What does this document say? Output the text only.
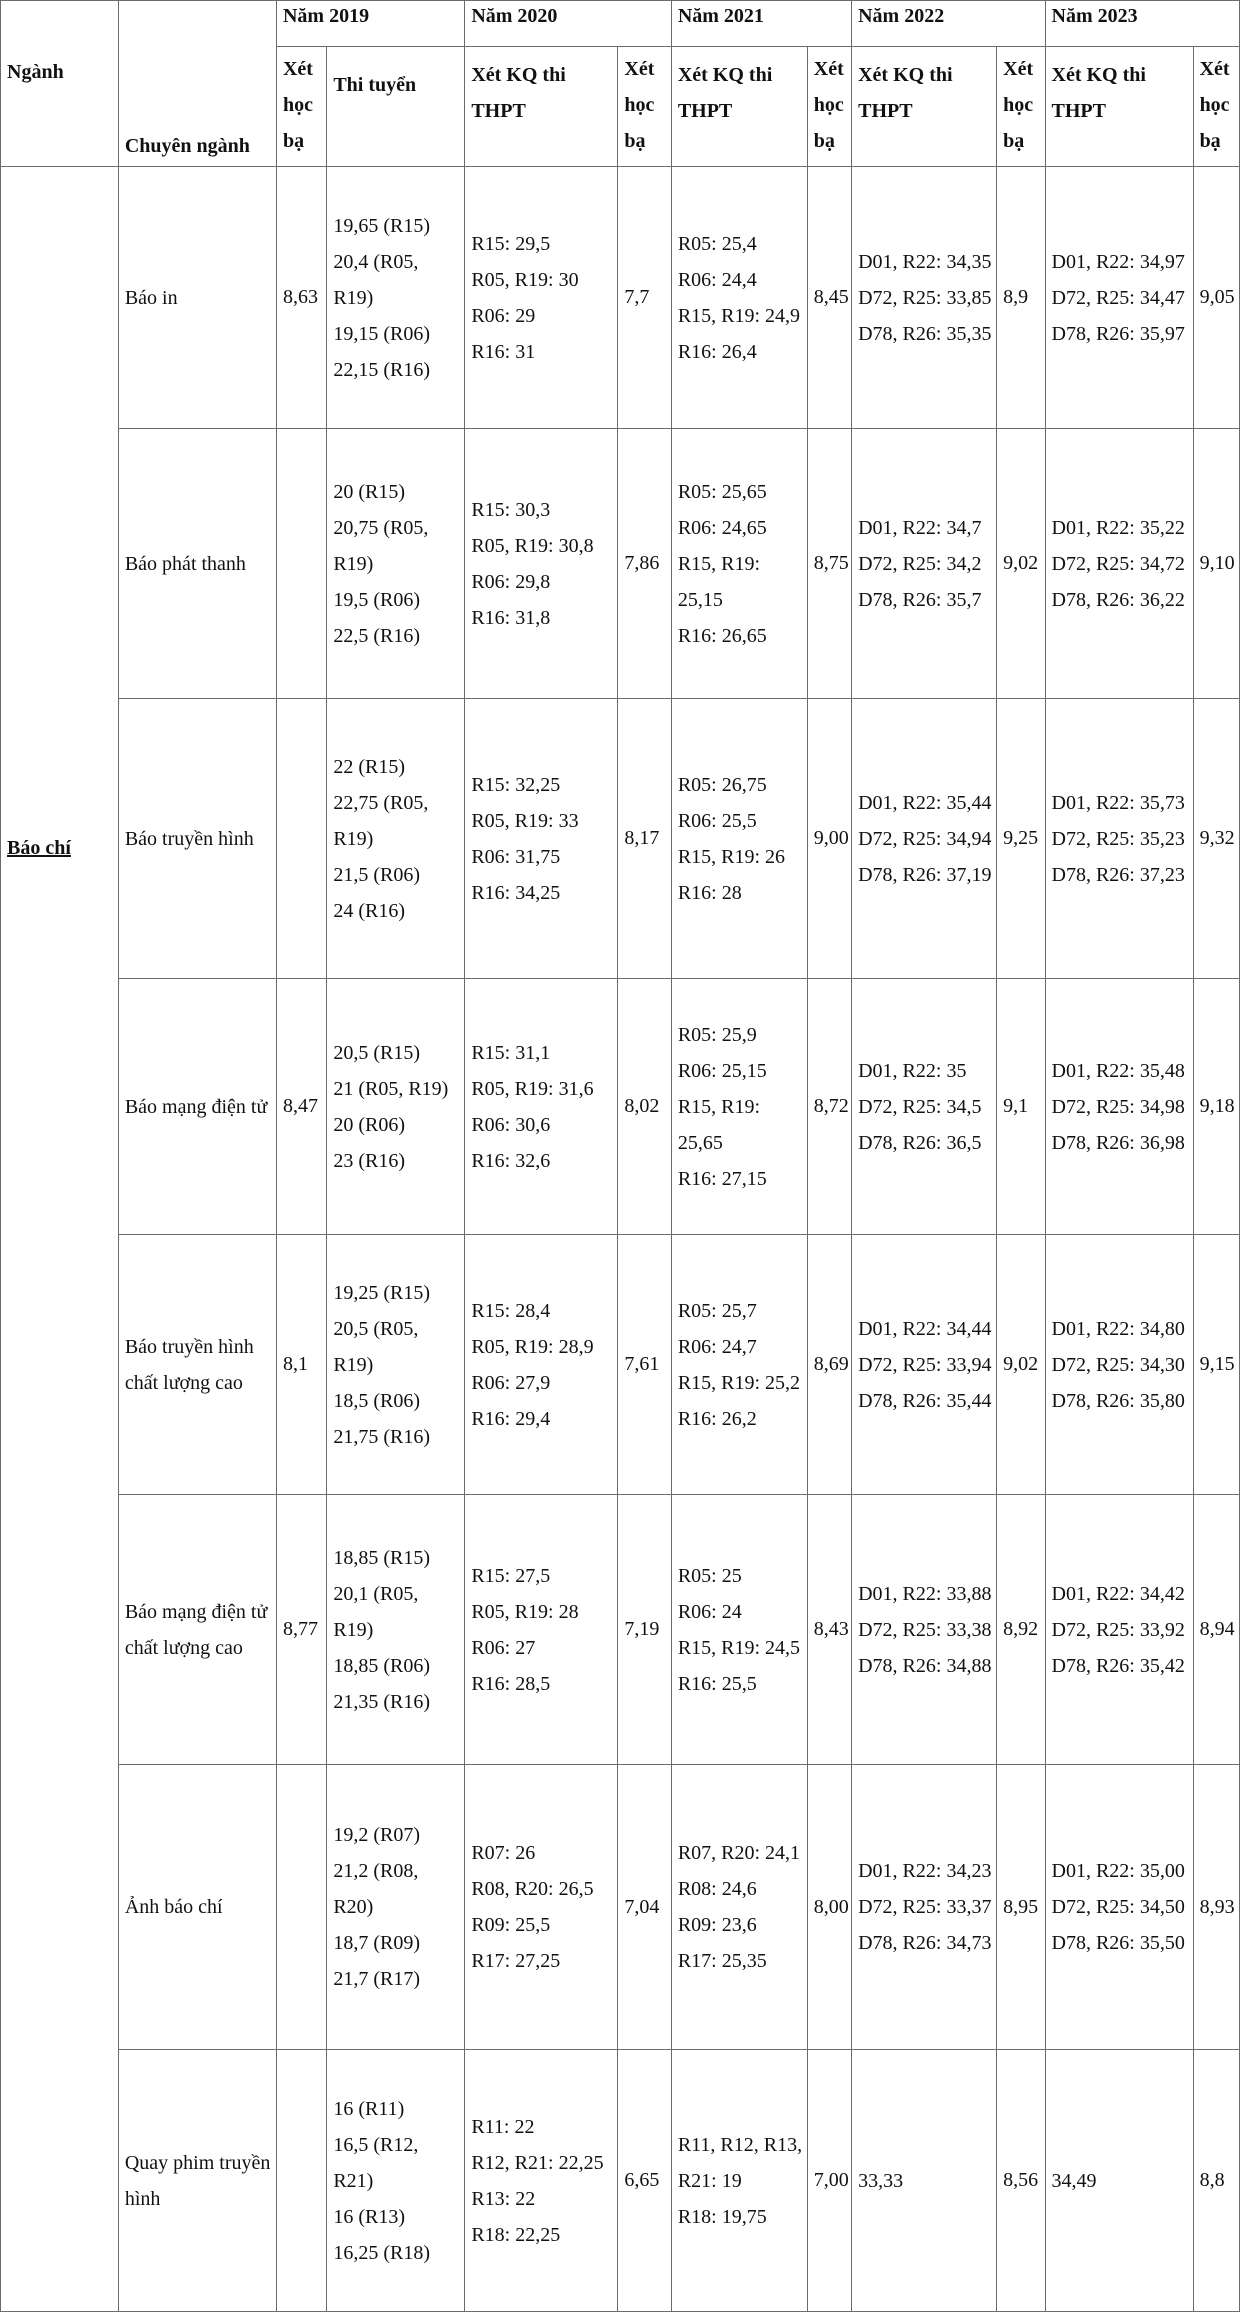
Ngành	Chuyên ngành	Năm 2019		Năm 2020		Năm 2021		Năm 2022		Năm 2023	
		Xét học bạ	Thi tuyển	Xét KQ thi THPT	Xét học bạ	Xét KQ thi THPT	Xét học bạ	Xét KQ thi THPT	Xét học bạ	Xét KQ thi THPT	Xét học bạ
Báo chí	Báo in	8,63	19,65 (R15)
20,4 (R05, R19)
19,15 (R06)
22,15 (R16)	R15: 29,5
R05, R19: 30
R06: 29
R16: 31	7,7	R05: 25,4
R06: 24,4
R15, R19: 24,9
R16: 26,4	8,45	D01, R22: 34,35
D72, R25: 33,85
D78, R26: 35,35	8,9	D01, R22: 34,97
D72, R25: 34,47
D78, R26: 35,97	9,05
	Báo phát thanh		20 (R15)
20,75 (R05, R19)
19,5 (R06)
22,5 (R16)	R15: 30,3
R05, R19: 30,8
R06: 29,8
R16: 31,8	7,86	R05: 25,65
R06: 24,65
R15, R19: 25,15
R16: 26,65	8,75	D01, R22: 34,7
D72, R25: 34,2
D78, R26: 35,7	9,02	D01, R22: 35,22
D72, R25: 34,72
D78, R26: 36,22	9,10
	Báo truyền hình		22 (R15)
22,75 (R05, R19)
21,5 (R06)
24 (R16)	R15: 32,25
R05, R19: 33
R06: 31,75
R16: 34,25	8,17	R05: 26,75
R06: 25,5
R15, R19: 26
R16: 28	9,00	D01, R22: 35,44
D72, R25: 34,94
D78, R26: 37,19	9,25	D01, R22: 35,73
D72, R25: 35,23
D78, R26: 37,23	9,32
	Báo mạng điện tử	8,47	20,5 (R15)
21 (R05, R19)
20 (R06)
23 (R16)	R15: 31,1
R05, R19: 31,6
R06: 30,6
R16: 32,6	8,02	R05: 25,9
R06: 25,15
R15, R19: 25,65
R16: 27,15	8,72	D01, R22: 35
D72, R25: 34,5
D78, R26: 36,5	9,1	D01, R22: 35,48
D72, R25: 34,98
D78, R26: 36,98	9,18
	Báo truyền hình chất lượng cao	8,1	19,25 (R15)
20,5 (R05, R19)
18,5 (R06)
21,75 (R16)	R15: 28,4
R05, R19: 28,9
R06: 27,9
R16: 29,4	7,61	R05: 25,7
R06: 24,7
R15, R19: 25,2
R16: 26,2	8,69	D01, R22: 34,44
D72, R25: 33,94
D78, R26: 35,44	9,02	D01, R22: 34,80
D72, R25: 34,30
D78, R26: 35,80	9,15
	Báo mạng điện tử chất lượng cao	8,77	18,85 (R15)
20,1 (R05, R19)
18,85 (R06)
21,35 (R16)	R15: 27,5
R05, R19: 28
R06: 27
R16: 28,5	7,19	R05: 25
R06: 24
R15, R19: 24,5
R16: 25,5	8,43	D01, R22: 33,88
D72, R25: 33,38
D78, R26: 34,88	8,92	D01, R22: 34,42
D72, R25: 33,92
D78, R26: 35,42	8,94
	Ảnh báo chí		19,2 (R07)
21,2 (R08, R20)
18,7 (R09)
21,7 (R17)	R07: 26
R08, R20: 26,5
R09: 25,5
R17: 27,25	7,04	R07, R20: 24,1
R08: 24,6
R09: 23,6
R17: 25,35	8,00	D01, R22: 34,23
D72, R25: 33,37
D78, R26: 34,73	8,95	D01, R22: 35,00
D72, R25: 34,50
D78, R26: 35,50	8,93
	Quay phim truyền hình		16 (R11)
16,5 (R12, R21)
16 (R13)
16,25 (R18)	R11: 22
R12, R21: 22,25
R13: 22
R18: 22,25	6,65	R11, R12, R13, R21: 19
R18: 19,75	7,00	33,33	8,56	34,49	8,8
